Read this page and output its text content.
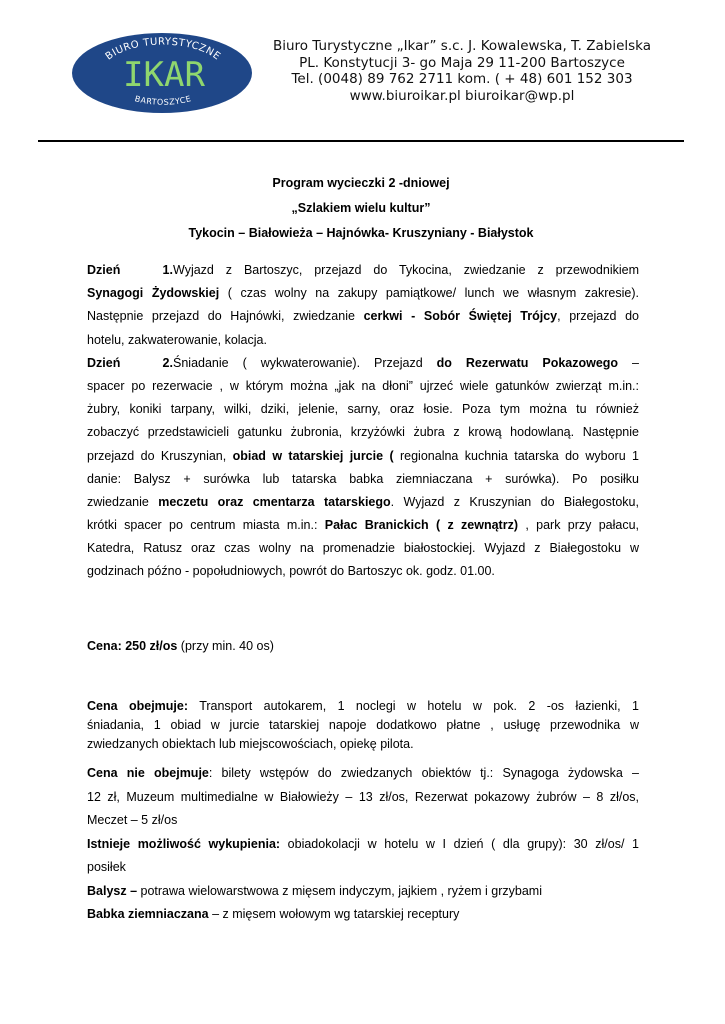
BIURO TURYSTYCZNE
IKAR
BARTOSZYCE
Biuro Turystyczne „Ikar” s.c. J. Kowalewska, T. Zabielska
PL. Konstytucji 3- go Maja 29 11-200 Bartoszyce
Tel. (0048) 89 762 2711 kom. ( + 48) 601 152 303
www.biuroikar.pl biuroikar@wp.pl
Program wycieczki 2 -dniowej
„Szlakiem wielu kultur”
Tykocin – Białowieża – Hajnówka- Kruszyniany - Białystok
Dzień 1.Wyjazd z Bartoszyc, przejazd do Tykocina, zwiedzanie z przewodnikiem
Synagogi Żydowskiej ( czas wolny na zakupy pamiątkowe/ lunch we własnym zakresie).
Następnie przejazd do Hajnówki, zwiedzanie cerkwi - Sobór Świętej Trójcy, przejazd do
hotelu, zakwaterowanie, kolacja.
Dzień 2.Śniadanie ( wykwaterowanie). Przejazd do Rezerwatu Pokazowego –
spacer po rezerwacie , w którym można „jak na dłoni” ujrzeć wiele gatunków zwierząt m.in.:
żubry, koniki tarpany, wilki, dziki, jelenie, sarny, oraz łosie. Poza tym można tu również
zobaczyć przedstawicieli gatunku żubronia, krzyżówki żubra z krową hodowlaną. Następnie
przejazd do Kruszynian, obiad w tatarskiej jurcie ( regionalna kuchnia tatarska do wyboru 1
danie: Balysz + surówka lub tatarska babka ziemniaczana + surówka). Po posiłku
zwiedzanie meczetu oraz cmentarza tatarskiego. Wyjazd z Kruszynian do Białegostoku,
krótki spacer po centrum miasta m.in.: Pałac Branickich ( z zewnątrz) , park przy pałacu,
Katedra, Ratusz oraz czas wolny na promenadzie białostockiej. Wyjazd z Białegostoku w
godzinach późno - popołudniowych, powrót do Bartoszyc ok. godz. 01.00.
Cena: 250 zł/os (przy min. 40 os)
Cena obejmuje: Transport autokarem, 1 noclegi w hotelu w pok. 2 -os łazienki, 1
śniadania, 1 obiad w jurcie tatarskiej napoje dodatkowo płatne , usługę przewodnika w
zwiedzanych obiektach lub miejscowościach, opiekę pilota.
Cena nie obejmuje: bilety wstępów do zwiedzanych obiektów tj.: Synagoga żydowska –
12 zł, Muzeum multimedialne w Białowieży – 13 zł/os, Rezerwat pokazowy żubrów – 8 zł/os,
Meczet – 5 zł/os
Istnieje możliwość wykupienia: obiadokolacji w hotelu w I dzień ( dla grupy): 30 zł/os/ 1
posiłek
Balysz – potrawa wielowarstwowa z mięsem indyczym, jajkiem , ryżem i grzybami
Babka ziemniaczana – z mięsem wołowym wg tatarskiej receptury
